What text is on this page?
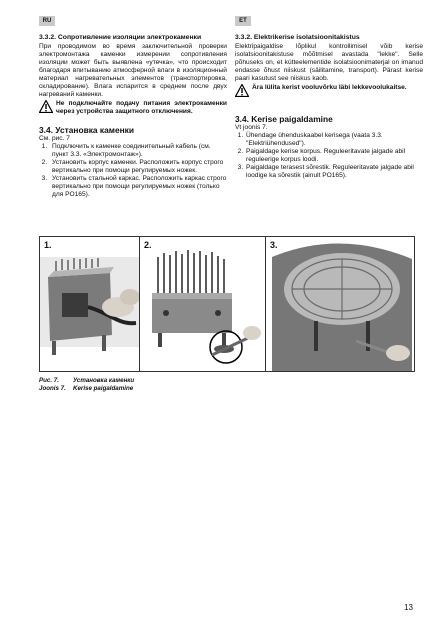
RU	ET
3.3.2. Сопротивление изоляции электрокаменки

При проводимом во время заключительной проверки электромонтажа каменки измерении сопротивления изоляции может быть выявлена «утечка», что происходит благодаря впитыванию атмосферной влаги в изоляционный материал нагревательных элементов (транспортировка, складирование). Влага испарится в среднем после двух нагреваний каменки.

Не подключайте подачу питания электрокаменки через устройства защитного отключения.
3.4. Установка каменки
См. рис. 7
1. Подключить к каменке соединительный кабель (см. пункт 3.3. «Электромонтаж»).
2. Установить корпус каменки. Расположить корпус строго вертикально при помощи регулируемых ножек.
3. Установить стальной каркас. Расположить каркас строго вертикально при помощи регулируемых ножек (только для PO165).
3.3.2. Elektrikerise isolatsioonitakistus

Elektripaigaldise lõplikul kontrollimisel võib kerise isolatsioonitakistuse mõõtmisel avastada "lekke". Selle põhuseks on, et kütteelementide isolatsioonimaterjal on imanud endasse õhust niiskust (säilitamine, transport). Pärast kerise paari kasutust see niiskus kaob.

Ära lülita kerist vooluvõrku läbi lekkevoolukaitse.
3.4. Kerise paigaldamine
Vt joonis 7.
1. Ühendage ühenduskaabel kerisega (vaata 3.3. "Elektriühendused").
2. Paigaldage kerise korpus. Reguleeritavate jalgade abil reguleerige korpus loodi.
3. Paigaldage terasest sõrestik. Reguleeritavate jalgade abil loodige ka sõrestik (ainult PO165).
1.	2.	3.
Рис. 7. Установка каменки
Joonis 7. Kerise paigaldamine
13
